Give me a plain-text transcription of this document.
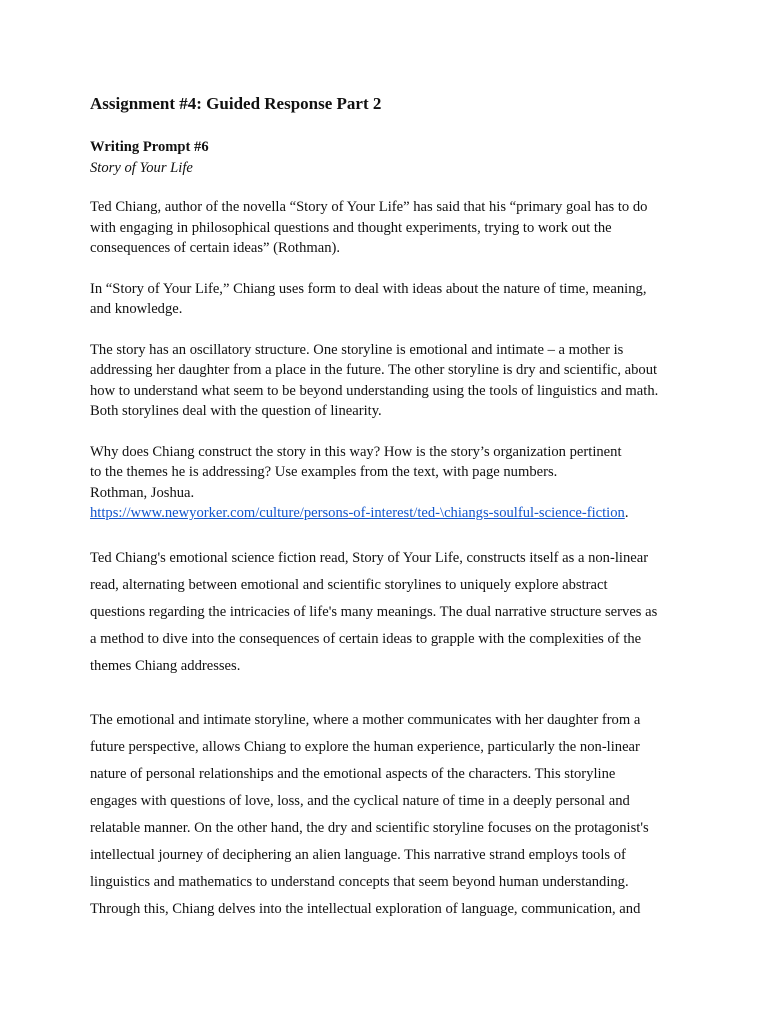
Assignment #4: Guided Response Part 2

Writing Prompt #6

Story of Your Life

Ted Chiang, author of the novella “Story of Your Life” has said that his “primary goal has to do
with engaging in philosophical questions and thought experiments, trying to work out the
consequences of certain ideas” (Rothman).
In “Story of Your Life,” Chiang uses form to deal with ideas about the nature of time, meaning,
and knowledge.
The story has an oscillatory structure. One storyline is emotional and intimate – a mother is
addressing her daughter from a place in the future. The other storyline is dry and scientific, about
how to understand what seem to be beyond understanding using the tools of linguistics and math.
Both storylines deal with the question of linearity.
Why does Chiang construct the story in this way? How is the story’s organization pertinent
to the themes he is addressing? Use examples from the text, with page numbers.
Rothman, Joshua.
https://www.newyorker.com/culture/persons-of-interest/ted-\chiangs-soulful-science-fiction.
Ted Chiang's emotional science fiction read, Story of Your Life, constructs itself as a non-linear
read, alternating between emotional and scientific storylines to uniquely explore abstract
questions regarding the intricacies of life's many meanings. The dual narrative structure serves as
a method to dive into the consequences of certain ideas to grapple with the complexities of the
themes Chiang addresses.
The emotional and intimate storyline, where a mother communicates with her daughter from a
future perspective, allows Chiang to explore the human experience, particularly the non-linear
nature of personal relationships and the emotional aspects of the characters. This storyline
engages with questions of love, loss, and the cyclical nature of time in a deeply personal and
relatable manner. On the other hand, the dry and scientific storyline focuses on the protagonist's
intellectual journey of deciphering an alien language. This narrative strand employs tools of
linguistics and mathematics to understand concepts that seem beyond human understanding.
Through this, Chiang delves into the intellectual exploration of language, communication, and
